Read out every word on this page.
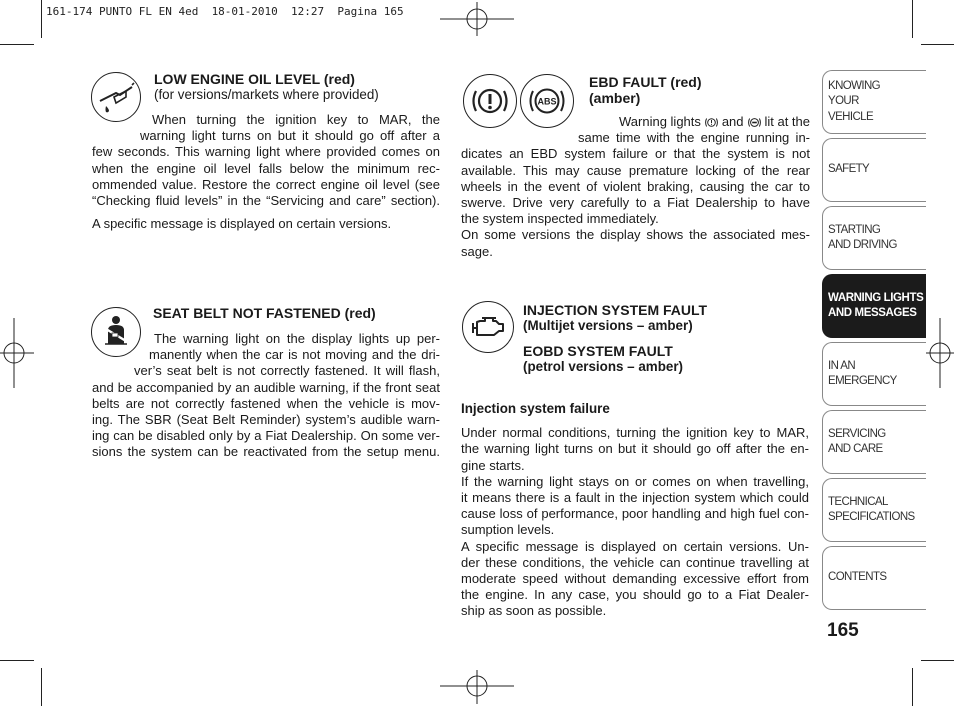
161-174 PUNTO FL EN 4ed  18-01-2010  12:27  Pagina 165
LOW ENGINE OIL LEVEL (red)
(for versions/markets where provided)
When turning the ignition key to MAR, the
warning light turns on but it should go off after a
few seconds. This warning light where provided comes on
when the engine oil level falls below the minimum rec-
ommended value. Restore the correct engine oil level (see
“Checking fluid levels” in the “Servicing and care” section).
A specific message is displayed on certain versions.
SEAT BELT NOT FASTENED (red)
The warning light on the display lights up per-
manently when the car is not moving and the dri-
ver’s seat belt is not correctly fastened. It will flash,
and be accompanied by an audible warning, if the front seat
belts are not correctly fastened when the vehicle is mov-
ing. The SBR (Seat Belt Reminder) system’s audible warn-
ing can be disabled only by a Fiat Dealership. On some ver-
sions the system can be reactivated from the setup menu.
ABS
EBD FAULT (red)
(amber)
Warning lights and lit at the
same time with the engine running in-
dicates an EBD system failure or that the system is not
available. This may cause premature locking of the rear
wheels in the event of violent braking, causing the car to
swerve. Drive very carefully to a Fiat Dealership to have
the system inspected immediately.
On some versions the display shows the associated mes-
sage.
INJECTION SYSTEM FAULT
(Multijet versions – amber)
EOBD SYSTEM FAULT
(petrol versions – amber)
Injection system failure
Under normal conditions, turning the ignition key to MAR,
the warning light turns on but it should go off after the en-
gine starts.
If the warning light stays on or comes on when travelling,
it means there is a fault in the injection system which could
cause loss of performance, poor handling and high fuel con-
sumption levels.
A specific message is displayed on certain versions. Un-
der these conditions, the vehicle can continue travelling at
moderate speed without demanding excessive effort from
the engine. In any case, you should go to a Fiat Dealer-
ship as soon as possible.
KNOWING
YOUR
VEHICLE
SAFETY
STARTING
AND DRIVING
WARNING LIGHTS
AND MESSAGES
IN AN
EMERGENCY
SERVICING
AND CARE
TECHNICAL
SPECIFICATIONS
CONTENTS
165
